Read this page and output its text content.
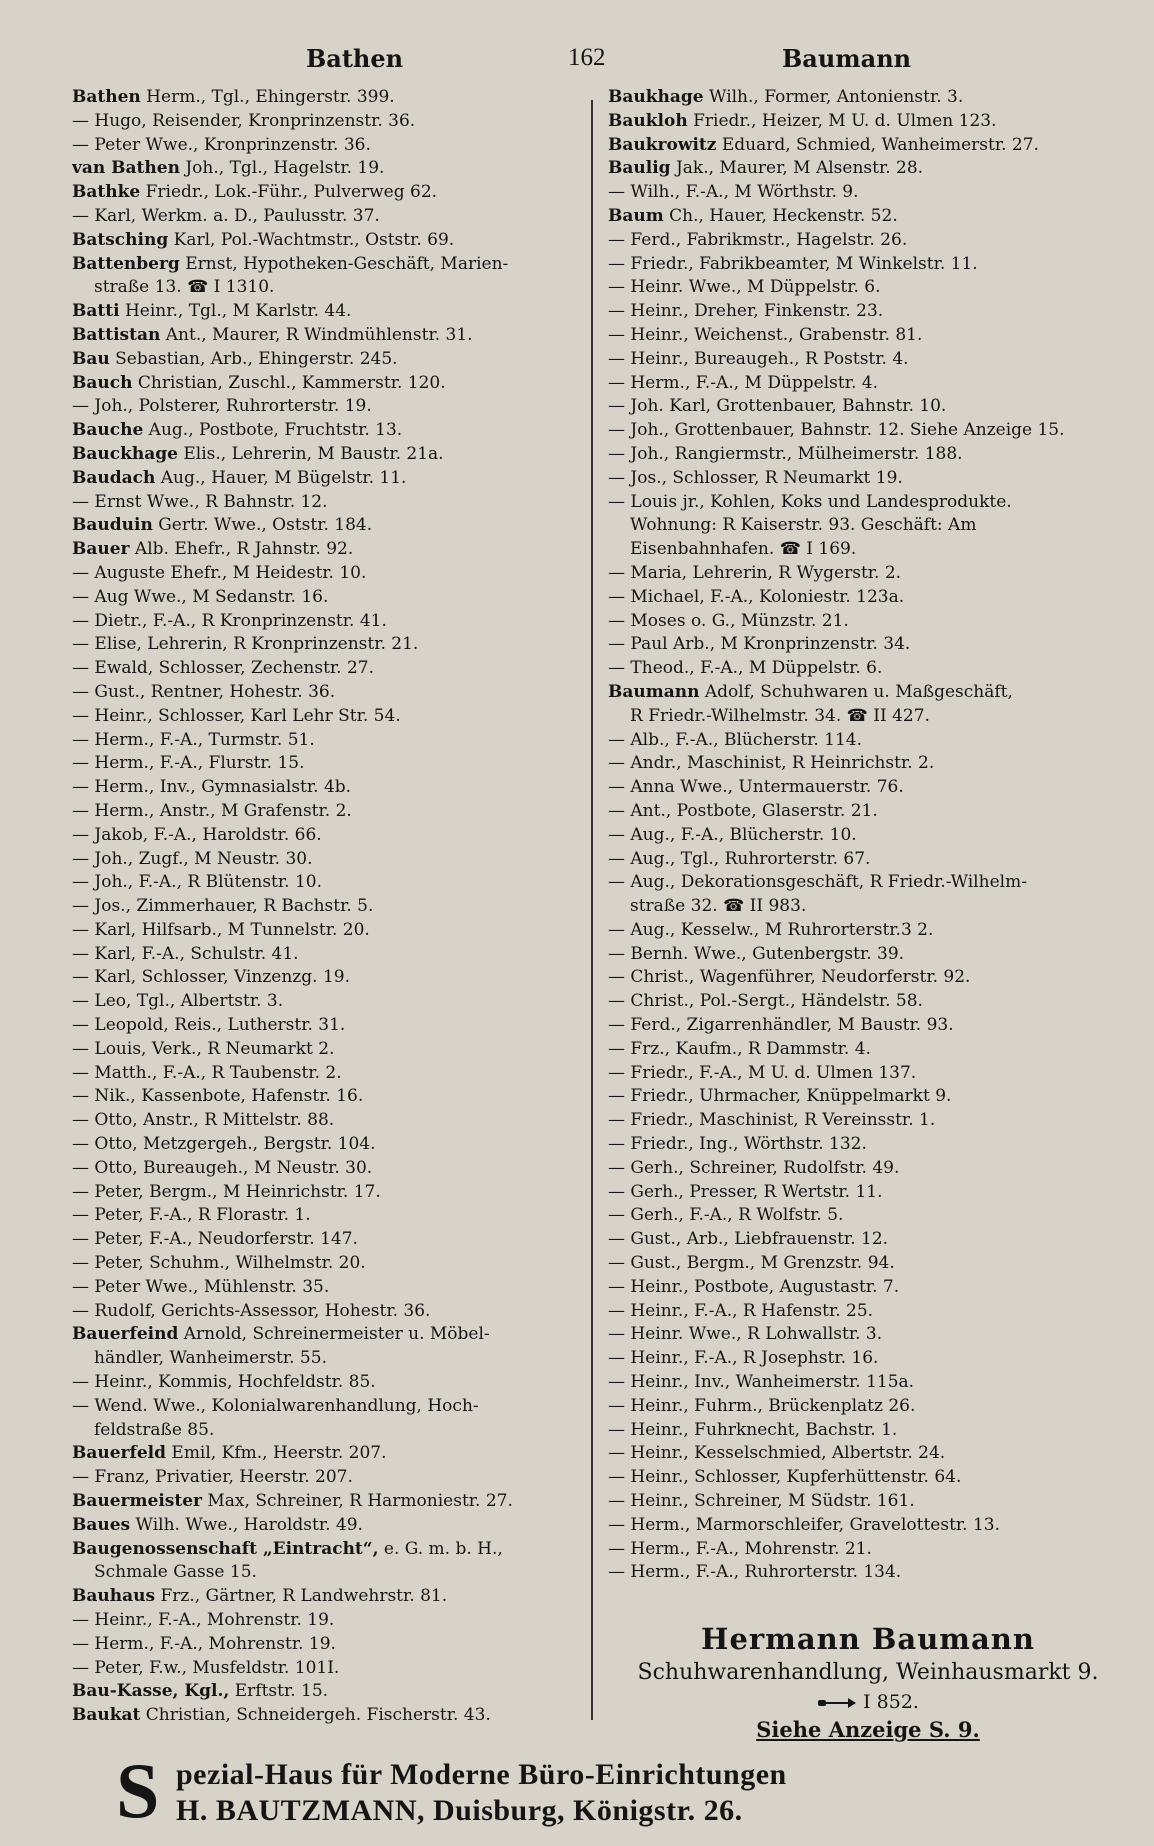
Bathen	162	Baumann

Bathen Herm., Tgl., Ehingerstr. 399.

— Hugo, Reisender, Kronprinzenstr. 36.

— Peter Wwe., Kronprinzenstr. 36.

van Bathen Joh., Tgl., Hagelstr. 19.

Bathke Friedr., Lok.-Führ., Pulverweg 62.

— Karl, Werkm. a. D., Paulusstr. 37.

Batsching Karl, Pol.-Wachtmstr., Oststr. 69.

Battenberg Ernst, Hypotheken-Geschäft, Marien-

straße 13. ☎ I 1310.

Batti Heinr., Tgl., M Karlstr. 44.

Battistan Ant., Maurer, R Windmühlenstr. 31.

Bau Sebastian, Arb., Ehingerstr. 245.

Bauch Christian, Zuschl., Kammerstr. 120.

— Joh., Polsterer, Ruhrorterstr. 19.

Bauche Aug., Postbote, Fruchtstr. 13.

Bauckhage Elis., Lehrerin, M Baustr. 21a.

Baudach Aug., Hauer, M Bügelstr. 11.

— Ernst Wwe., R Bahnstr. 12.

Bauduin Gertr. Wwe., Oststr. 184.

Bauer Alb. Ehefr., R Jahnstr. 92.

— Auguste Ehefr., M Heidestr. 10.

— Aug Wwe., M Sedanstr. 16.

— Dietr., F.-A., R Kronprinzenstr. 41.

— Elise, Lehrerin, R Kronprinzenstr. 21.

— Ewald, Schlosser, Zechenstr. 27.

— Gust., Rentner, Hohestr. 36.

— Heinr., Schlosser, Karl Lehr Str. 54.

— Herm., F.-A., Turmstr. 51.

— Herm., F.-A., Flurstr. 15.

— Herm., Inv., Gymnasialstr. 4b.

— Herm., Anstr., M Grafenstr. 2.

— Jakob, F.-A., Haroldstr. 66.

— Joh., Zugf., M Neustr. 30.

— Joh., F.-A., R Blütenstr. 10.

— Jos., Zimmerhauer, R Bachstr. 5.

— Karl, Hilfsarb., M Tunnelstr. 20.

— Karl, F.-A., Schulstr. 41.

— Karl, Schlosser, Vinzenzg. 19.

— Leo, Tgl., Albertstr. 3.

— Leopold, Reis., Lutherstr. 31.

— Louis, Verk., R Neumarkt 2.

— Matth., F.-A., R Taubenstr. 2.

— Nik., Kassenbote, Hafenstr. 16.

— Otto, Anstr., R Mittelstr. 88.

— Otto, Metzgergeh., Bergstr. 104.

— Otto, Bureaugeh., M Neustr. 30.

— Peter, Bergm., M Heinrichstr. 17.

— Peter, F.-A., R Florastr. 1.

— Peter, F.-A., Neudorferstr. 147.

— Peter, Schuhm., Wilhelmstr. 20.

— Peter Wwe., Mühlenstr. 35.

— Rudolf, Gerichts-Assessor, Hohestr. 36.

Bauerfeind Arnold, Schreinermeister u. Möbel-

händler, Wanheimerstr. 55.

— Heinr., Kommis, Hochfeldstr. 85.

— Wend. Wwe., Kolonialwarenhandlung, Hoch-

feldstraße 85.

Bauerfeld Emil, Kfm., Heerstr. 207.

— Franz, Privatier, Heerstr. 207.

Bauermeister Max, Schreiner, R Harmoniestr. 27.

Baues Wilh. Wwe., Haroldstr. 49.

Baugenossenschaft „Eintracht“, e. G. m. b. H.,

Schmale Gasse 15.

Bauhaus Frz., Gärtner, R Landwehrstr. 81.

— Heinr., F.-A., Mohrenstr. 19.

— Herm., F.-A., Mohrenstr. 19.

— Peter, F.w., Musfeldstr. 101I.

Bau-Kasse, Kgl., Erftstr. 15.

Baukat Christian, Schneidergeh. Fischerstr. 43.

Baukhage Wilh., Former, Antonienstr. 3.

Baukloh Friedr., Heizer, M U. d. Ulmen 123.

Baukrowitz Eduard, Schmied, Wanheimerstr. 27.

Baulig Jak., Maurer, M Alsenstr. 28.

— Wilh., F.-A., M Wörthstr. 9.

Baum Ch., Hauer, Heckenstr. 52.

— Ferd., Fabrikmstr., Hagelstr. 26.

— Friedr., Fabrikbeamter, M Winkelstr. 11.

— Heinr. Wwe., M Düppelstr. 6.

— Heinr., Dreher, Finkenstr. 23.

— Heinr., Weichenst., Grabenstr. 81.

— Heinr., Bureaugeh., R Poststr. 4.

— Herm., F.-A., M Düppelstr. 4.

— Joh. Karl, Grottenbauer, Bahnstr. 10.

— Joh., Grottenbauer, Bahnstr. 12. Siehe Anzeige 15.

— Joh., Rangiermstr., Mülheimerstr. 188.

— Jos., Schlosser, R Neumarkt 19.

— Louis jr., Kohlen, Koks und Landesprodukte.

Wohnung: R Kaiserstr. 93. Geschäft: Am

Eisenbahnhafen. ☎ I 169.

— Maria, Lehrerin, R Wygerstr. 2.

— Michael, F.-A., Koloniestr. 123a.

— Moses o. G., Münzstr. 21.

— Paul Arb., M Kronprinzenstr. 34.

— Theod., F.-A., M Düppelstr. 6.

Baumann Adolf, Schuhwaren u. Maßgeschäft,

R Friedr.-Wilhelmstr. 34. ☎ II 427.

— Alb., F.-A., Blücherstr. 114.

— Andr., Maschinist, R Heinrichstr. 2.

— Anna Wwe., Untermauerstr. 76.

— Ant., Postbote, Glaserstr. 21.

— Aug., F.-A., Blücherstr. 10.

— Aug., Tgl., Ruhrorterstr. 67.

— Aug., Dekorationsgeschäft, R Friedr.-Wilhelm-

straße 32. ☎ II 983.

— Aug., Kesselw., M Ruhrorterstr.3 2.

— Bernh. Wwe., Gutenbergstr. 39.

— Christ., Wagenführer, Neudorferstr. 92.

— Christ., Pol.-Sergt., Händelstr. 58.

— Ferd., Zigarrenhändler, M Baustr. 93.

— Frz., Kaufm., R Dammstr. 4.

— Friedr., F.-A., M U. d. Ulmen 137.

— Friedr., Uhrmacher, Knüppelmarkt 9.

— Friedr., Maschinist, R Vereinsstr. 1.

— Friedr., Ing., Wörthstr. 132.

— Gerh., Schreiner, Rudolfstr. 49.

— Gerh., Presser, R Wertstr. 11.

— Gerh., F.-A., R Wolfstr. 5.

— Gust., Arb., Liebfrauenstr. 12.

— Gust., Bergm., M Grenzstr. 94.

— Heinr., Postbote, Augustastr. 7.

— Heinr., F.-A., R Hafenstr. 25.

— Heinr. Wwe., R Lohwallstr. 3.

— Heinr., F.-A., R Josephstr. 16.

— Heinr., Inv., Wanheimerstr. 115a.

— Heinr., Fuhrm., Brückenplatz 26.

— Heinr., Fuhrknecht, Bachstr. 1.

— Heinr., Kesselschmied, Albertstr. 24.

— Heinr., Schlosser, Kupferhüttenstr. 64.

— Heinr., Schreiner, M Südstr. 161.

— Herm., Marmorschleifer, Gravelottestr. 13.

— Herm., F.-A., Mohrenstr. 21.

— Herm., F.-A., Ruhrorterstr. 134.

Hermann Baumann
Schuhwarenhandlung, Weinhausmarkt 9.
I 852.
Siehe Anzeige S. 9.
S pezial-Haus für Moderne Büro-Einrichtungen
H. BAUTZMANN, Duisburg, Königstr. 26.
